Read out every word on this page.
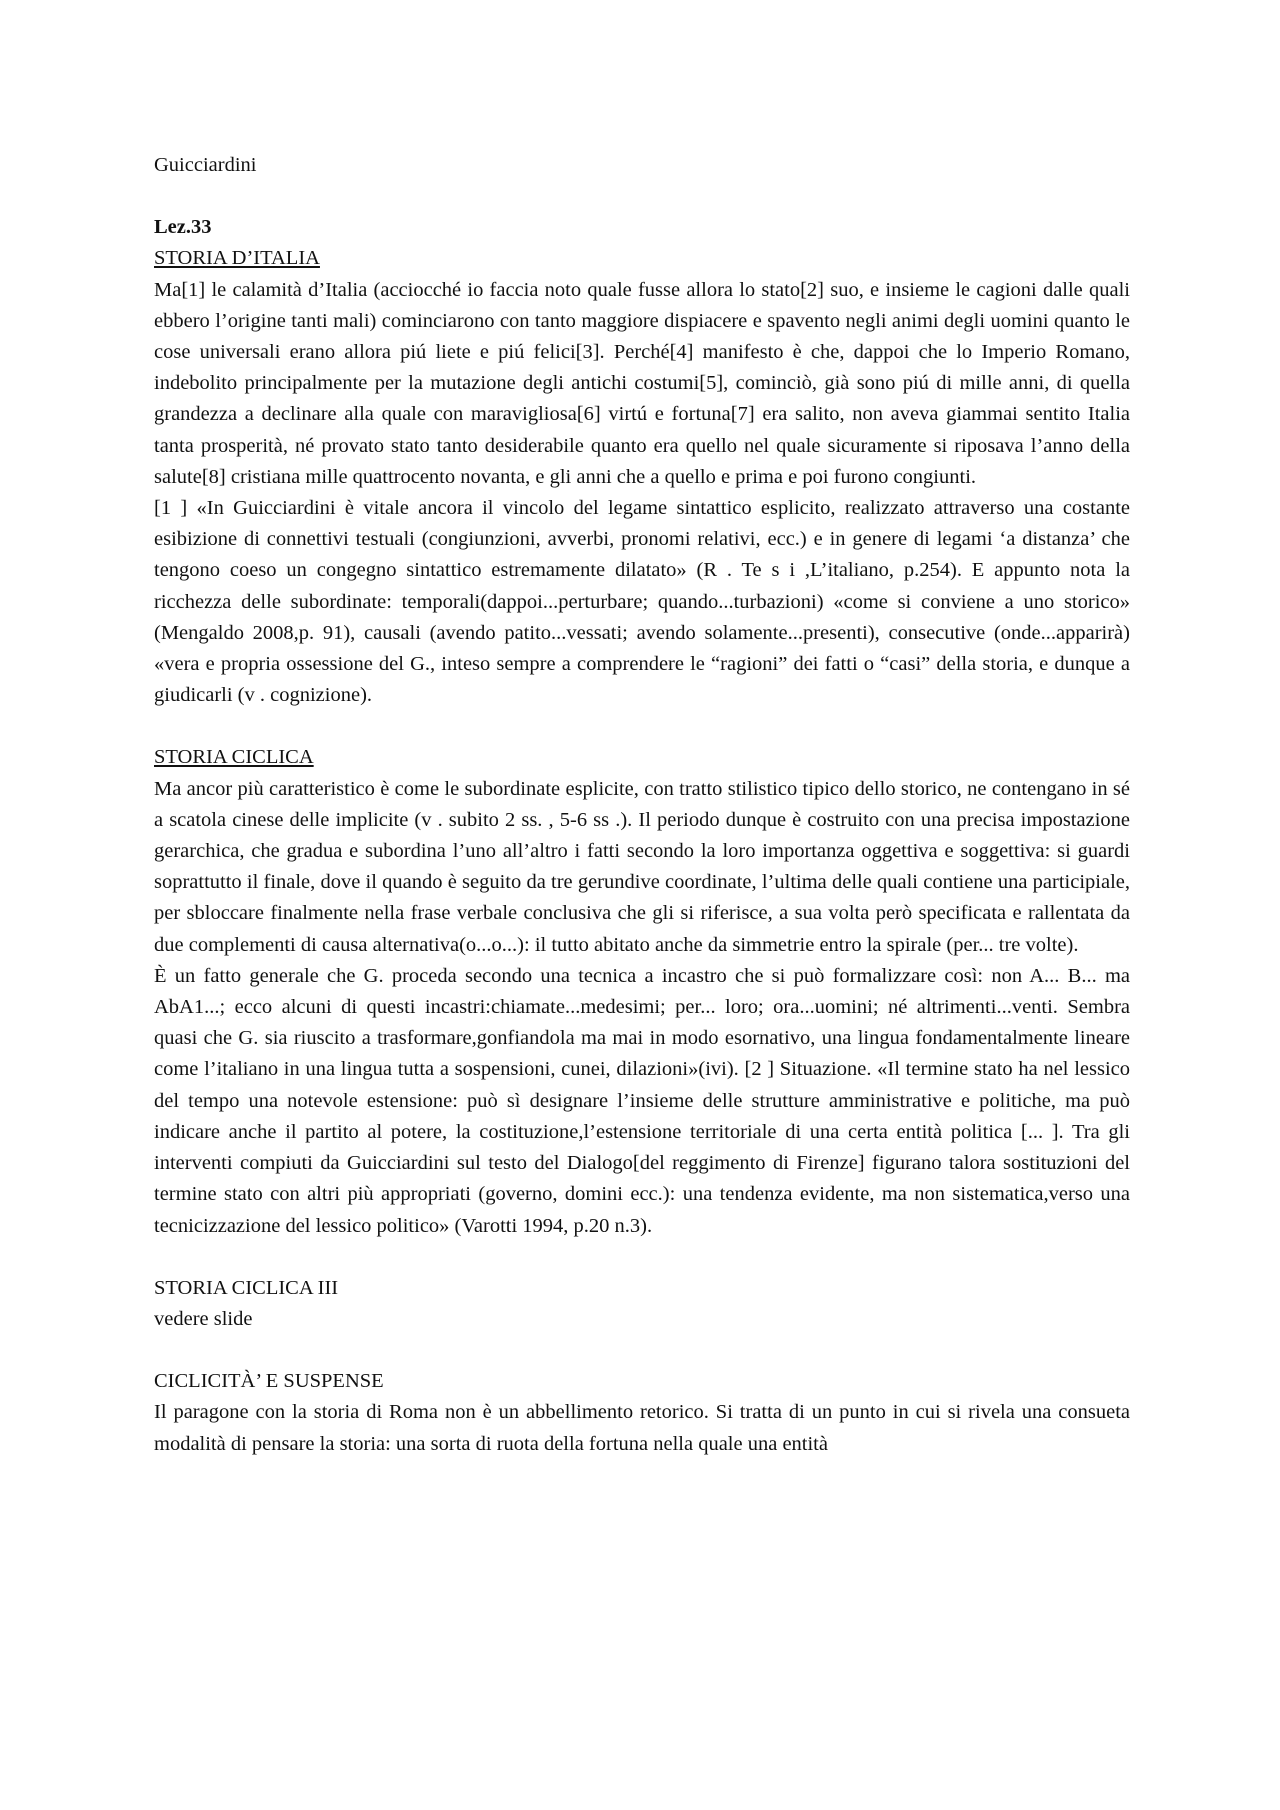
Guicciardini
Lez.33
STORIA D’ITALIA

Ma[1] le calamità d’Italia (acciocché io faccia noto quale fusse allora lo stato[2] suo, e insieme le cagioni dalle quali ebbero l’origine tanti mali) cominciarono con tanto maggiore dispiacere e spavento negli animi degli uomini quanto le cose universali erano allora piú liete e piú felici[3]. Perché[4] manifesto è che, dappoi che lo Imperio Romano, indebolito principalmente per la mutazione degli antichi costumi[5], cominciò, già sono piú di mille anni, di quella grandezza a declinare alla quale con maravigliosa[6] virtú e fortuna[7] era salito, non aveva giammai sentito Italia tanta prosperità, né provato stato tanto desiderabile quanto era quello nel quale sicuramente si riposava l’anno della salute[8] cristiana mille quattrocento novanta, e gli anni che a quello e prima e poi furono congiunti.

[1 ] «In Guicciardini è vitale ancora il vincolo del legame sintattico esplicito, realizzato attraverso una costante esibizione di connettivi testuali (congiunzioni, avverbi, pronomi relativi, ecc.) e in genere di legami ‘a distanza’ che tengono coeso un congegno sintattico estremamente dilatato» (R . Te s i ,L’italiano, p.254). E appunto nota la ricchezza delle subordinate: temporali(dappoi...perturbare; quando...turbazioni) «come si conviene a uno storico» (Mengaldo 2008,p. 91), causali (avendo patito...vessati; avendo solamente...presenti), consecutive (onde...apparirà) «vera e propria ossessione del G., inteso sempre a comprendere le “ragioni” dei fatti o “casi” della storia, e dunque a giudicarli (v . cognizione).

STORIA CICLICA

Ma ancor più caratteristico è come le subordinate esplicite, con tratto stilistico tipico dello storico, ne contengano in sé a scatola cinese delle implicite (v . subito 2 ss. , 5-6 ss .). Il periodo dunque è costruito con una precisa impostazione gerarchica, che gradua e subordina l’uno all’altro i fatti secondo la loro importanza oggettiva e soggettiva: si guardi soprattutto il finale, dove il quando è seguito da tre gerundive coordinate, l’ultima delle quali contiene una participiale, per sbloccare finalmente nella frase verbale conclusiva che gli si riferisce, a sua volta però specificata e rallentata da due complementi di causa alternativa(o...o...): il tutto abitato anche da simmetrie entro la spirale (per... tre volte).

È un fatto generale che G. proceda secondo una tecnica a incastro che si può formalizzare così: non A... B... ma AbA1...; ecco alcuni di questi incastri:chiamate...medesimi; per... loro; ora...uomini; né altrimenti...venti. Sembra quasi che G. sia riuscito a trasformare,gonfiandola ma mai in modo esornativo, una lingua fondamentalmente lineare come l’italiano in una lingua tutta a sospensioni, cunei, dilazioni»(ivi). [2 ] Situazione. «Il termine stato ha nel lessico del tempo una notevole estensione: può sì designare l’insieme delle strutture amministrative e politiche, ma può indicare anche il partito al potere, la costituzione,l’estensione territoriale di una certa entità politica [... ]. Tra gli interventi compiuti da Guicciardini sul testo del Dialogo[del reggimento di Firenze] figurano talora sostituzioni del termine stato con altri più appropriati (governo, domini ecc.): una tendenza evidente, ma non sistematica,verso una tecnicizzazione del lessico politico» (Varotti 1994, p.20 n.3).

STORIA CICLICA III

vedere slide

CICLICITÀ’ E SUSPENSE

Il paragone con la storia di Roma non è un abbellimento retorico. Si tratta di un punto in cui si rivela una consueta modalità di pensare la storia: una sorta di ruota della fortuna nella quale una entità
